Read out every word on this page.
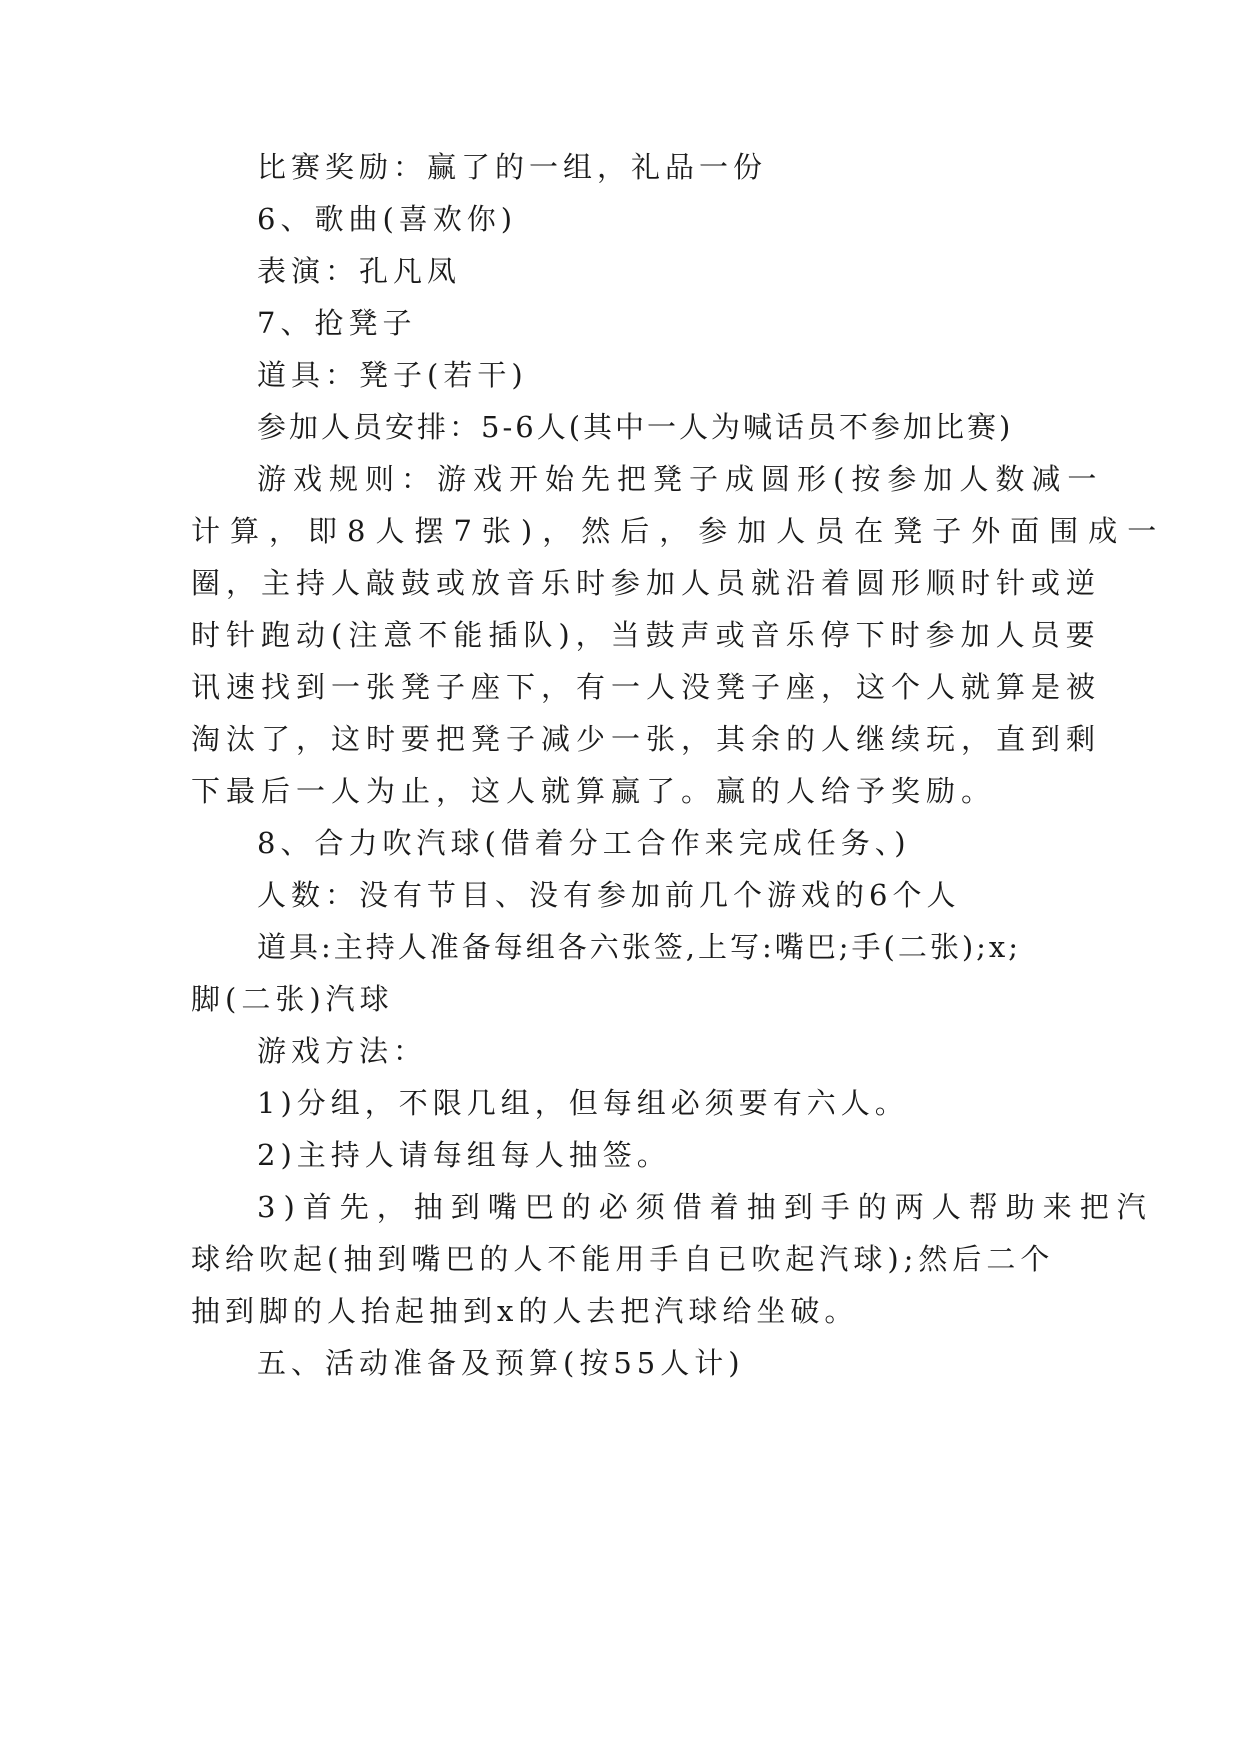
比赛奖励：赢了的一组，礼品一份
6、歌曲(喜欢你)
表演：孔凡凤
7、抢凳子
道具：凳子(若干)
参加人员安排：5-6人(其中一人为喊话员不参加比赛)
游戏规则：游戏开始先把凳子成圆形(按参加人数减一
计算，即8人摆7张)，然后，参加人员在凳子外面围成一
圈，主持人敲鼓或放音乐时参加人员就沿着圆形顺时针或逆
时针跑动(注意不能插队)，当鼓声或音乐停下时参加人员要
讯速找到一张凳子座下，有一人没凳子座，这个人就算是被
淘汰了，这时要把凳子减少一张，其余的人继续玩，直到剩
下最后一人为止，这人就算赢了。赢的人给予奖励。
8、合力吹汽球(借着分工合作来完成任务、)
人数：没有节目、没有参加前几个游戏的6个人
道具:主持人准备每组各六张签,上写:嘴巴;手(二张);x;
脚(二张)汽球
游戏方法：
1)分组，不限几组，但每组必须要有六人。
2)主持人请每组每人抽签。
3)首先，抽到嘴巴的必须借着抽到手的两人帮助来把汽
球给吹起(抽到嘴巴的人不能用手自已吹起汽球);然后二个
抽到脚的人抬起抽到x的人去把汽球给坐破。
五、活动准备及预算(按55人计)
